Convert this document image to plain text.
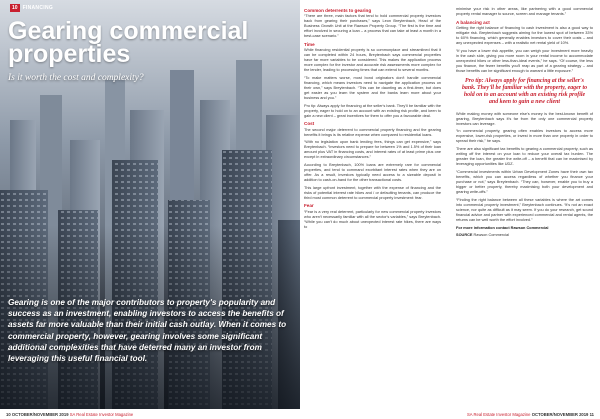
10	FINANCING
Gearing commercial properties
Is it worth the cost and complexity?
Gearing is one of the major contributors to property's popularity and success as an investment, enabling investors to access the benefits of assets far more valuable than their initial cash outlay. When it comes to commercial property, however, gearing involves some significant additional complexities that have deterred many an investor from leveraging this useful financial tool.
Common deterrents to gearing

“There are three, main factors that tend to hold commercial property investors back from gearing their purchases,” says Leon Breytenbach, Head of the Business Growth Unit at the Rawson Property Group. “The first is the time and effort involved in securing a loan – a process that can take at least a month in a best-case scenario.”

Time

While financing residential property is so commonplace and streamlined that it can be completed within 24 hours, Breytenbach says commercial properties have far more variables to be considered. This makes the application process more complex for the investor and accurate risk assessments more complex for the lender, leading to processing times that can extend to several months.

“To make matters worse, most bond originators don't handle commercial financing, which means investors need to navigate the application process on their own,” says Breytenbach. “This can be daunting as a first-timer, but does get easier as you learn the system and the banks learn more about your business and you.”

Pro tip: Always apply for financing at the seller's bank. They'll be familiar with the property, eager to hold on to an account with an existing risk profile, and keen to gain a new client – great incentives for them to offer you a favourable deal.

Cost

The second major deterrent to commercial property financing and the gearing benefits it brings is its relative expense when compared to residential loans.

“With no legislation upon bank lending fees, things can get expensive,” says Breytenbach. “Investors need to prepare for between 1% and 1.5% of their loan amount plus VAT in financing costs, and interest rates of at least prime plus one except in extraordinary circumstances.”

According to Breytenbach, 100% loans are extremely rare for commercial properties, and tend to command exorbitant interest rates when they are on offer. As a result, investors typically need access to a sizeable deposit in addition to cash-on-hand for the other transactional costs.

This large upfront investment, together with the expense of financing and the risks of potential interest rate hikes and / or defaulting tenants, can produce the third most common deterrent to commercial property investment: fear.

Fear

“Fear is a very real deterrent, particularly for new commercial property investors who aren't necessarily familiar with all the sector's variables,” says Breytenbach. “While you can't do much about unexpected interest rate hikes, there are ways to

minimise your risk in other areas, like partnering with a good commercial property rental manager to source, screen and manage tenants.”

A balancing act

Getting the right balance of financing to cash investment is also a good way to mitigate risk. Breytenbach suggests aiming for the lowest spot of between 33% to 60% financing, which generally enables investors to cover their costs – and any unexpected expenses – with a realistic net rental yield of 10%.

“If you have a lower risk appetite, you can weigh your investment more heavily in the cash side, giving you more room in your rental income to accommodate unexpected hikes or other less-than-ideal events,” he says. “Of course, the less you finance, the fewer benefits you'll reap as part of a gearing strategy – and those benefits can be significant enough to warrant a little exposure.”

Pro tip: Always apply for financing at the seller's bank. They'll be familiar with the property, eager to hold on to an account with an existing risk profile and keen to gain a new client

While making money with someone else's money is the best-known benefit of gearing, Breytenbach says it's far from the only one commercial property investors can leverage.

“In commercial property, gearing often enables investors to access more expensive, lower-risk properties, or invest in more than one property in order to spread their risk,” he says.

There are also significant tax benefits to gearing a commercial property, such as writing off the interest on your loan to reduce your overall tax burden. The greater the loan, the greater the write-off – a benefit that can be maximised by leveraging opportunities like UDZ.

“Commercial investments within Urban Development Zones have their own tax benefits, which you can access regardless of whether you finance your purchase or not,” says Breytenbach. “They can, however, enable you to buy a bigger or better property, thereby maximising both your development and gearing write-offs.”

“Finding the right balance between all these variables is where the art comes into commercial property investment,” Breytenbach continues. “It's not an exact science, nor quite as difficult as it may seem. If you do your research, get sound financial advice and partner with experienced commercial and rental agents, the returns can be well worth the effort involved.”

For more information contact Rawson Commercial

SOURCE Rawson Commercial

10 OCTOBER/NOVEMBER 2019 SA Real Estate Investor Magazine	SA Real Estate Investor Magazine OCTOBER/NOVEMBER 2019 11
